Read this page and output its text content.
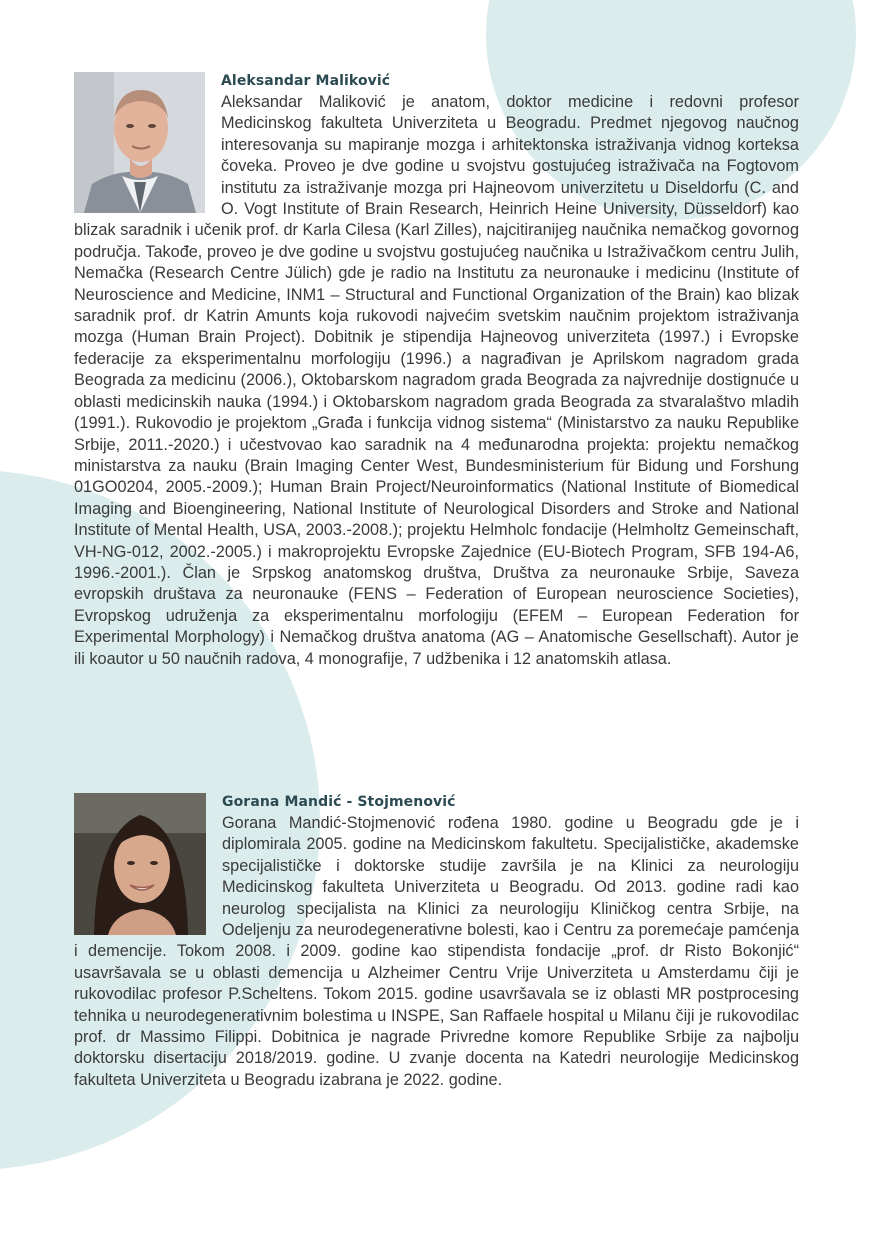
Aleksandar Maliković

Aleksandar Maliković je anatom, doktor medicine i redovni profesor Medicinskog fakulteta Univerziteta u Beogradu. Predmet njegovog naučnog interesovanja su mapiranje mozga i arhitektonska istraživanja vidnog korteksa čoveka. Proveo je dve godine u svojstvu gostujućeg istraživača na Fogtovom institutu za istraživanje mozga pri Hajneovom univerzitetu u Diseldorfu (C. and O. Vogt Institute of Brain Research, Heinrich Heine University, Düsseldorf) kao blizak saradnik i učenik prof. dr Karla Cilesa (Karl Zilles), najcitiranijeg naučnika nemačkog govornog područja. Takođe, proveo je dve godine u svojstvu gostujućeg naučnika u Istraživačkom centru Julih, Nemačka (Research Centre Jülich) gde je radio na Institutu za neuronauke i medicinu (Institute of Neuroscience and Medicine, INM1 – Structural and Functional Organization of the Brain) kao blizak saradnik prof. dr Katrin Amunts koja rukovodi najvećim svetskim naučnim projektom istraživanja mozga (Human Brain Project). Dobitnik je stipendija Hajneovog univerziteta (1997.) i Evropske federacije za eksperimentalnu morfologiju (1996.) a nagrađivan je Aprilskom nagradom grada Beograda za medicinu (2006.), Oktobarskom nagradom grada Beograda za najvrednije dostignuće u oblasti medicinskih nauka (1994.) i Oktobarskom nagradom grada Beograda za stvaralaštvo mladih (1991.). Rukovodio je projektom „Građa i funkcija vidnog sistema“ (Ministarstvo za nauku Republike Srbije, 2011.-2020.) i učestvovao kao saradnik na 4 međunarodna projekta: projektu nemačkog ministarstva za nauku (Brain Imaging Center West, Bundesministerium für Bidung und Forshung 01GO0204, 2005.-2009.); Human Brain Project/Neuroinformatics (National Institute of Biomedical Imaging and Bioengineering, National Institute of Neurological Disorders and Stroke and National Institute of Mental Health, USA, 2003.-2008.); projektu Helmholc fondacije (Helmholtz Gemeinschaft, VH-NG-012, 2002.-2005.) i makroprojektu Evropske Zajednice (EU-Biotech Program, SFB 194-A6, 1996.-2001.). Član je Srpskog anatomskog društva, Društva za neuronauke Srbije, Saveza evropskih društava za neuronauke (FENS – Federation of European neuroscience Societies), Evropskog udruženja za eksperimentalnu morfologiju (EFEM – European Federation for Experimental Morphology) i Nemačkog društva anatoma (AG – Anatomische Gesellschaft). Autor je ili koautor u 50 naučnih radova, 4 monografije, 7 udžbenika i 12 anatomskih atlasa.

Gorana Mandić - Stojmenović

Gorana Mandić-Stojmenović rođena 1980. godine u Beogradu gde je i diplomirala 2005. godine na Medicinskom fakultetu. Specijalističke, akademske specijalističke i doktorske studije završila je na Klinici za neurologiju Medicinskog fakulteta Univerziteta u Beogradu. Od 2013. godine radi kao neurolog specijalista na Klinici za neurologiju Kliničkog centra Srbije, na Odeljenju za neurodegenerativne bolesti, kao i Centru za poremećaje pamćenja i demencije. Tokom 2008. i 2009. godine kao stipendista fondacije „prof. dr Risto Bokonjić“ usavršavala se u oblasti demencija u Alzheimer Centru Vrije Univerziteta u Amsterdamu čiji je rukovodilac profesor P.Scheltens. Tokom 2015. godine usavršavala se iz oblasti MR postprocesing tehnika u neurodegenerativnim bolestima u INSPE, San Raffaele hospital u Milanu čiji je rukovodilac prof. dr Massimo Filippi. Dobitnica je nagrade Privredne komore Republike Srbije za najbolju doktorsku disertaciju 2018/2019. godine. U zvanje docenta na Katedri neurologije Medicinskog fakulteta Univerziteta u Beogradu izabrana je 2022. godine.
